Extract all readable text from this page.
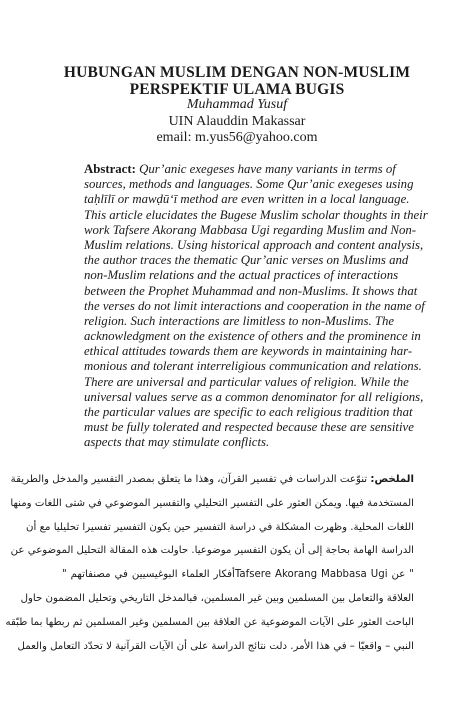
HUBUNGAN MUSLIM DENGAN NON-MUSLIM
PERSPEKTIF ULAMA BUGIS
Muhammad Yusuf
UIN Alauddin Makassar
email: m.yus56@yahoo.com
Abstract: Qur’anic exegeses have many variants in terms of
sources, methods and languages. Some Qur’anic exegeses using
taḥlīlī or mawḍū‘ī method are even written in a local language.
This article elucidates the Bugese Muslim scholar thoughts in their
work Tafsere Akorang Mabbasa Ugi regarding Muslim and Non-
Muslim relations. Using historical approach and content analysis,
the author traces the thematic Qur’anic verses on Muslims and
non-Muslim relations and the actual practices of interactions
between the Prophet Muhammad and non-Muslims. It shows that
the verses do not limit interactions and cooperation in the name of
religion. Such interactions are limitless to non-Muslims. The
acknowledgment on the existence of others and the prominence in
ethical attitudes towards them are keywords in maintaining har-
monious and tolerant interreligious communication and relations.
There are universal and particular values of religion. While the
universal values serve as a common denominator for all religions,
the particular values are specific to each religious tradition that
must be fully tolerated and respected because these are sensitive
aspects that may stimulate conflicts.
الملخص: تنوّعت الدراسات في تفسير القرآن، وهذا ما يتعلق بمصدر التفسير والمدخل والطريقة
المستخدمة فيها. ويمكن العثور على التفسير التحليلي والتفسير الموضوعي في شتى اللغات ومنها
اللغات المحلية. وظهرت المشكلة في دراسة التفسير حين يكون التفسير تفسيرا تحليليا مع أن
الدراسة الهامة بحاجة إلى أن يكون التفسير موضوعيا. حاولت هذه المقالة التحليل الموضوعي عن
" عن Tafsere Akorang Mabbasa Ugiأفكار العلماء البوغيسيين في مصنفاتهم "
العلاقة والتعامل بين المسلمين وبين غير المسلمين، فبالمدخل التاريخي وتحليل المضمون حاول
الباحث العثور على الآيات الموضوعية عن العلاقة بين المسلمين وغير المسلمين ثم ربطها بما طبّقه
النبي – واقعيّا – في هذا الأمر. دلت نتائج الدراسة على أن الآيات القرآنية لا تحدّد التعامل والعمل
